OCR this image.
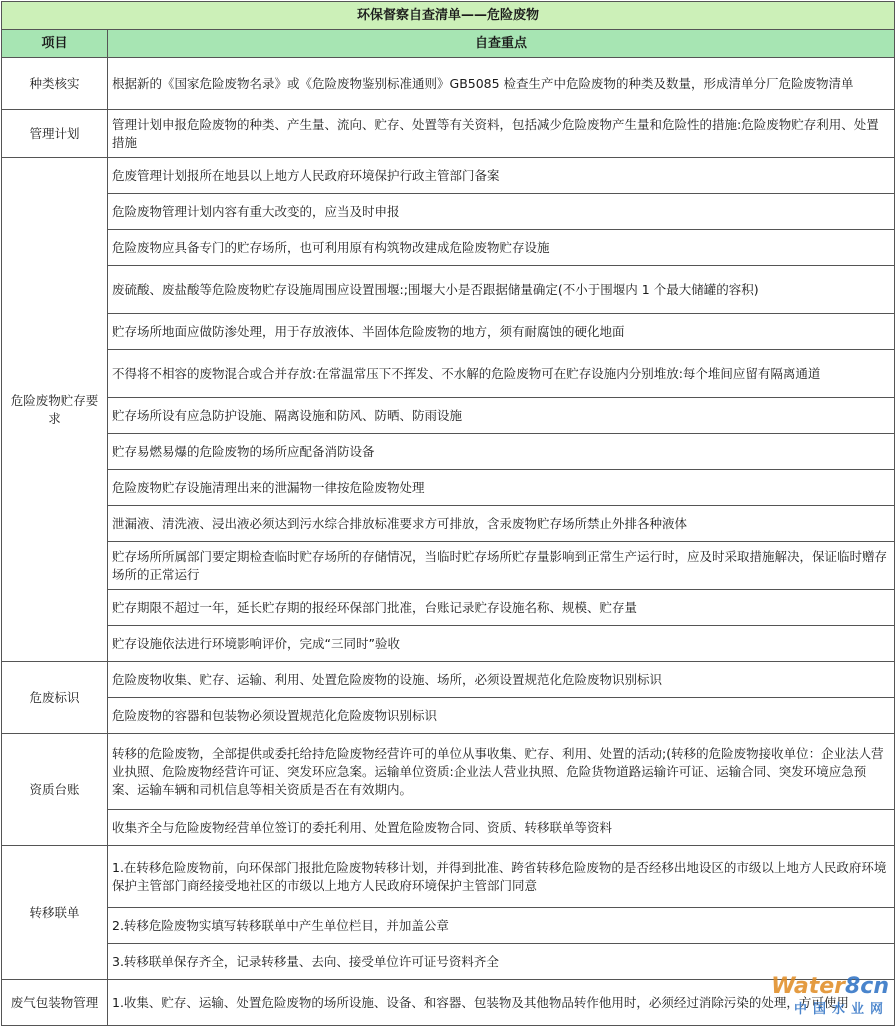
环保督察自查清单——危险废物	
项目	自查重点
种类核实	根据新的《国家危险废物名录》或《危险废物鉴别标准通则》GB5085 检查生产中危险废物的种类及数量，形成清单分厂危险废物清单
管理计划	管理计划申报危险废物的种类、产生量、流向、贮存、处置等有关资料，包括减少危险废物产生量和危险性的措施:危险废物贮存利用、处置措施
危险废物贮存要求	危废管理计划报所在地县以上地方人民政府环境保护行政主管部门备案
	危险废物管理计划内容有重大改变的，应当及时申报
	危险废物应具备专门的贮存场所，也可利用原有构筑物改建成危险废物贮存设施
	废硫酸、废盐酸等危险废物贮存设施周围应设置围堰:;围堰大小是否跟据储量确定(不小于围堰内 1 个最大储罐的容积)
	贮存场所地面应做防渗处理，用于存放液体、半固体危险废物的地方，须有耐腐蚀的硬化地面
	不得将不相容的废物混合或合并存放:在常温常压下不挥发、不水解的危险废物可在贮存设施内分别堆放:每个堆间应留有隔离通道
	贮存场所设有应急防护设施、隔离设施和防风、防晒、防雨设施
	贮存易燃易爆的危险废物的场所应配备消防设备
	危险废物贮存设施清理出来的泄漏物一律按危险废物处理
	泄漏液、清洗液、浸出液必须达到污水综合排放标准要求方可排放，含汞废物贮存场所禁止外排各种液体
	贮存场所所属部门要定期检查临时贮存场所的存储情况，当临时贮存场所贮存量影响到正常生产运行时，应及时采取措施解决，保证临时赠存场所的正常运行
	贮存期限不超过一年，延长贮存期的报经环保部门批准，台账记录贮存设施名称、规模、贮存量
	贮存设施依法进行环境影响评价，完成“三同时”验收
危废标识	危险废物收集、贮存、运输、利用、处置危险废物的设施、场所，必须设置规范化危险废物识别标识
	危险废物的容器和包装物必须设置规范化危险废物识别标识
资质台账	转移的危险废物，全部提供或委托给持危险废物经营许可的单位从事收集、贮存、利用、处置的活动;(转移的危险废物接收单位：企业法人营业执照、危险废物经营许可证、突发环应急案。运输单位资质:企业法人营业执照、危险货物道路运输许可证、运输合同、突发环境应急预案、运输车辆和司机信息等相关资质是否在有效期内。
	收集齐全与危险废物经营单位签订的委托利用、处置危险废物合同、资质、转移联单等资料
转移联单	1.在转移危险废物前，向环保部门报批危险废物转移计划，并得到批准、跨省转移危险废物的是否经移出地设区的市级以上地方人民政府环境保护主管部门商经接受地社区的市级以上地方人民政府环境保护主管部门同意
	2.转移危险废物实填写转移联单中产生单位栏目，并加盖公章
	3.转移联单保存齐全，记录转移量、去向、接受单位许可证号资料齐全
废气包装物管理	1.收集、贮存、运输、处置危险废物的场所设施、设备、和容器、包装物及其他物品转作他用时，必须经过消除污染的处理，方可使用
Water8cn
中国水业网
